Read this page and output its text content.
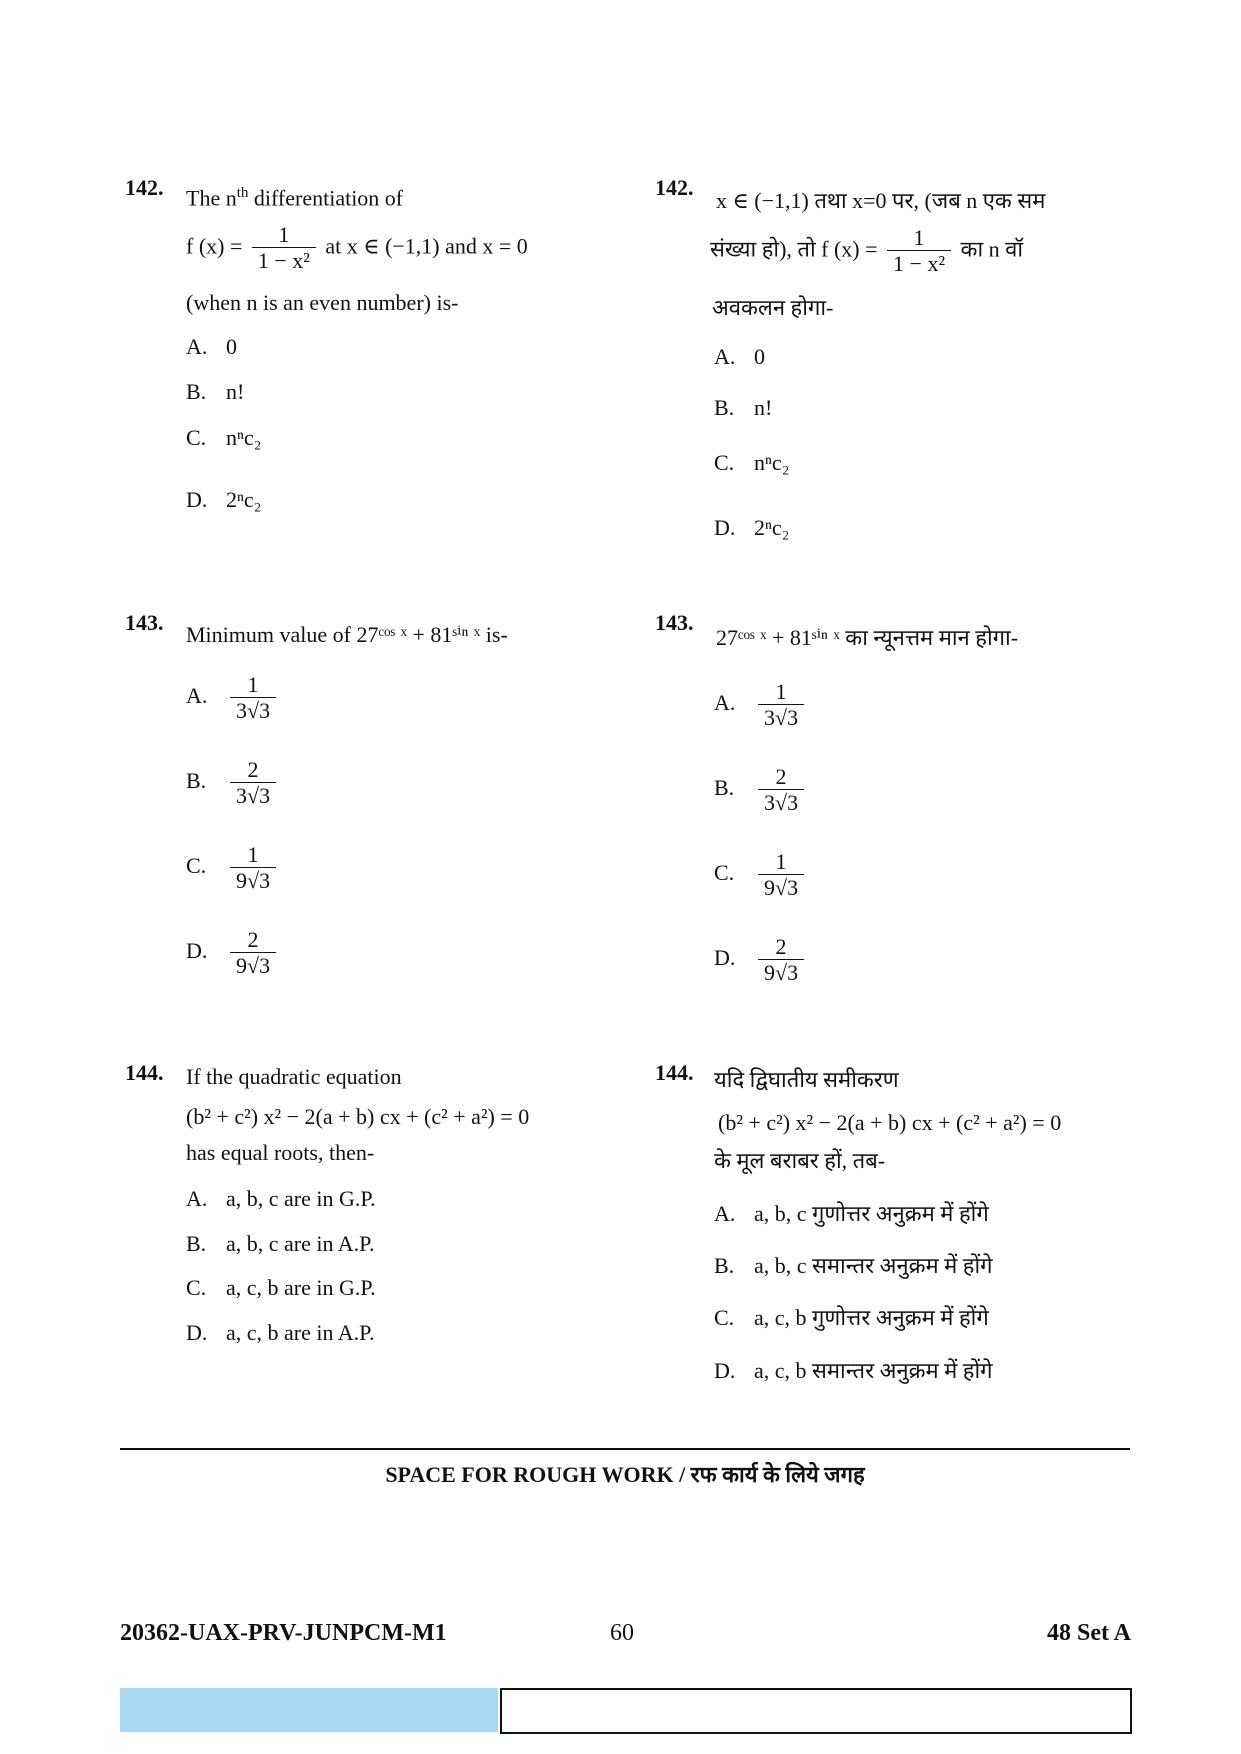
142. The $n^{th}$ differentiation of
f $(x) = \frac{1}{\text{1 − x²}}$ at x ∈ (−1,1) and x = 0
(when n is an even number) is-
A. 0
B. n!
C. nⁿc₂
D. 2ⁿc₂
142.
x ∈ (−1,1) तथा x=0 पर, (जब n एक सम
संख्या हो), तो f $(x) = \frac{1}{\text{1 − x²}}$ का n वॉ
अवकलन होगा-
A. 0
B. n!
C. nⁿc₂
D. 2ⁿc₂
143. Minimum value of 27ᶜᵒˢ ˣ + 81ˢⁱⁿ ˣ is-
A. $\frac{1}{3√3}$
B. $\frac{2}{3√3}$
C. $\frac{1}{9√3}$
D. $\frac{2}{9√3}$
143.
27ᶜᵒˢ ˣ + 81ˢⁱⁿ ˣ का न्यूनत्तम मान होगा-
A. $\frac{1}{3√3}$
B. $\frac{2}{3√3}$
C. $\frac{1}{9√3}$
D. $\frac{2}{9√3}$
144. If the quadratic equation
(b² + c²) x² − 2(a + b) cx + (c² + a²) = 0
has equal roots, then-
A. a, b, c are in G.P.
B. a, b, c are in A.P.
C. a, c, b are in G.P.
D. a, c, b are in A.P.
144. यदि द्विघातीय समीकरण
(b² + c²) x² − 2(a + b) cx + (c² + a²) = 0
के मूल बराबर हों, तब-
A. a, b, c गुणोत्तर अनुक्रम में होंगे
B. a, b, c समान्तर अनुक्रम में होंगे
C. a, c, b गुणोत्तर अनुक्रम में होंगे
D. a, c, b समान्तर अनुक्रम में होंगे
SPACE FOR ROUGH WORK / रफ कार्य के लिये जगह
20362-UAX-PRV-JUNPCM-M1	60	48 Set A
